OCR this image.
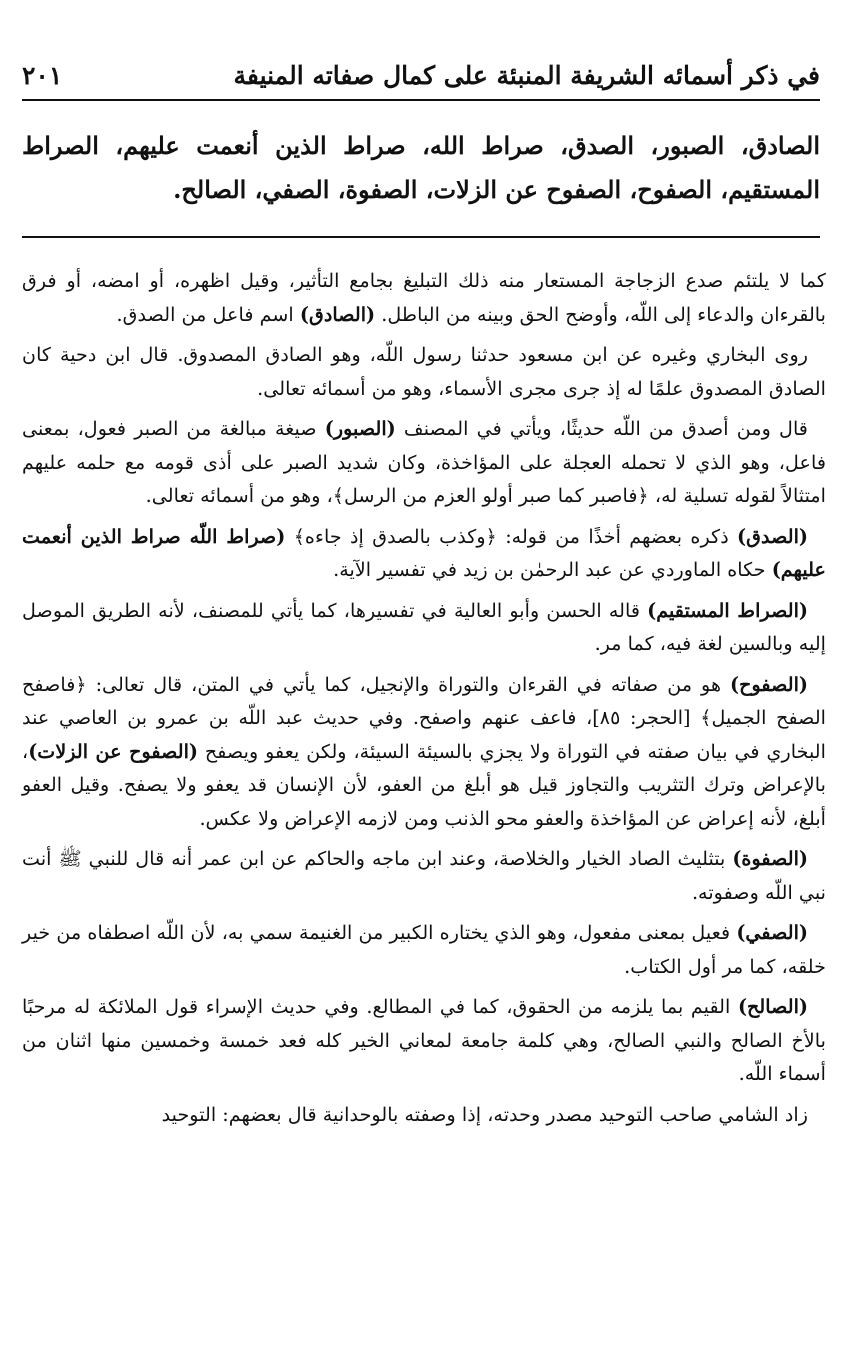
في ذكر أسمائه الشريفة المنبئة على كمال صفاته المنيفة
٢٠١
الصادق، الصبور، الصدق، صراط الله، صراط الذين أنعمت عليهم، الصراط المستقيم، الصفوح، الصفوح عن الزلات، الصفوة، الصفي، الصالح.

كما لا يلتئم صدع الزجاجة المستعار منه ذلك التبليغ بجامع التأثير، وقيل اظهره، أو امضه، أو فرق بالقرءان والدعاء إلى اللّه، وأوضح الحق وبينه من الباطل. (الصادق) اسم فاعل من الصدق.

روى البخاري وغيره عن ابن مسعود حدثنا رسول اللّه، وهو الصادق المصدوق. قال ابن دحية كان الصادق المصدوق علمًا له إذ جرى مجرى الأسماء، وهو من أسمائه تعالى.

قال ومن أصدق من اللّه حديثًا، ويأتي في المصنف (الصبور) صيغة مبالغة من الصبر فعول، بمعنى فاعل، وهو الذي لا تحمله العجلة على المؤاخذة، وكان شديد الصبر على أذى قومه مع حلمه عليهم امتثالاً لقوله تسلية له، ﴿فاصبر كما صبر أولو العزم من الرسل﴾، وهو من أسمائه تعالى.

(الصدق) ذكره بعضهم أخذًا من قوله: ﴿وكذب بالصدق إذ جاءه﴾ (صراط اللّه صراط الذين أنعمت عليهم) حكاه الماوردي عن عبد الرحمٰن بن زيد في تفسير الآية.

(الصراط المستقيم) قاله الحسن وأبو العالية في تفسيرها، كما يأتي للمصنف، لأنه الطريق الموصل إليه وبالسين لغة فيه، كما مر.

(الصفوح) هو من صفاته في القرءان والتوراة والإنجيل، كما يأتي في المتن، قال تعالى: ﴿فاصفح الصفح الجميل﴾ [الحجر: ٨٥]، فاعف عنهم واصفح. وفي حديث عبد اللّه بن عمرو بن العاصي عند البخاري في بيان صفته في التوراة ولا يجزي بالسيئة السيئة، ولكن يعفو ويصفح (الصفوح عن الزلات)، بالإعراض وترك التثريب والتجاوز قيل هو أبلغ من العفو، لأن الإنسان قد يعفو ولا يصفح. وقيل العفو أبلغ، لأنه إعراض عن المؤاخذة والعفو محو الذنب ومن لازمه الإعراض ولا عكس.

(الصفوة) بتثليث الصاد الخيار والخلاصة، وعند ابن ماجه والحاكم عن ابن عمر أنه قال للنبي ﷺ أنت نبي اللّه وصفوته.

(الصفي) فعيل بمعنى مفعول، وهو الذي يختاره الكبير من الغنيمة سمي به، لأن اللّه اصطفاه من خير خلقه، كما مر أول الكتاب.

(الصالح) القيم بما يلزمه من الحقوق، كما في المطالع. وفي حديث الإسراء قول الملائكة له مرحبًا بالأخ الصالح والنبي الصالح، وهي كلمة جامعة لمعاني الخير كله فعد خمسة وخمسين منها اثنان من أسماء اللّه.

زاد الشامي صاحب التوحيد مصدر وحدته، إذا وصفته بالوحدانية قال بعضهم: التوحيد
